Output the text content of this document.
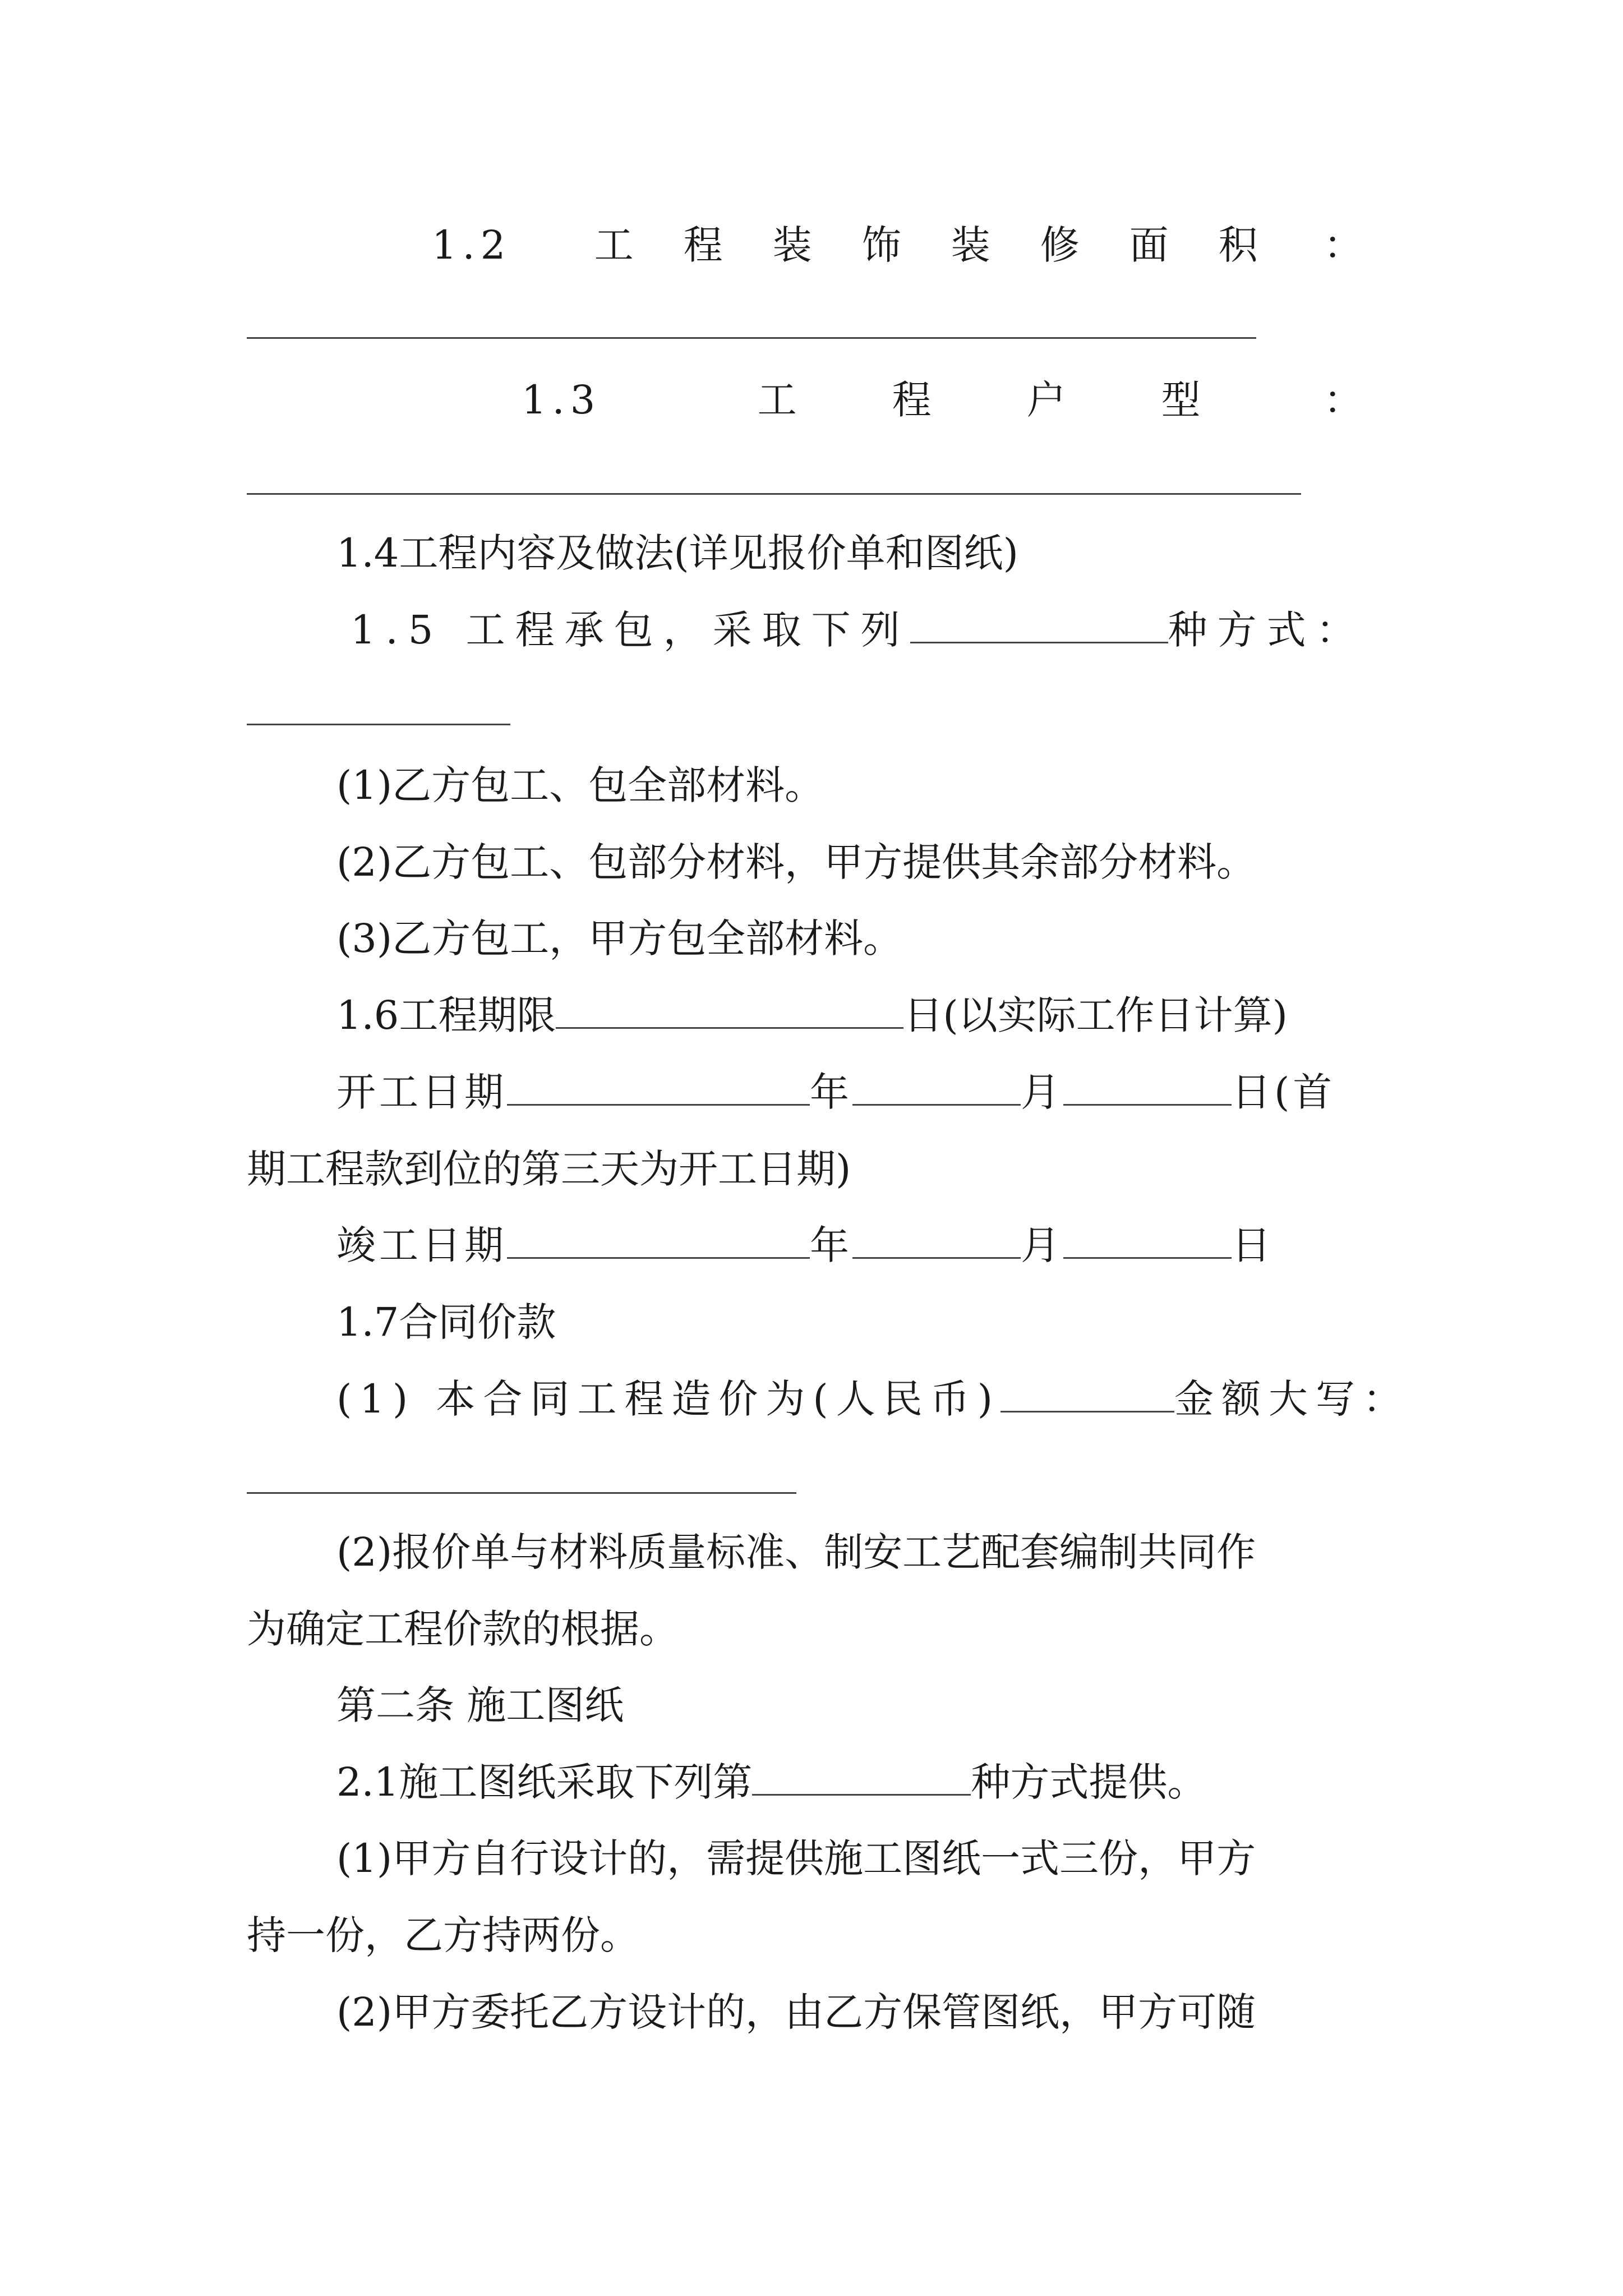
1.2 工程装饰装修面积 ：
1.3	工程户型 ：
1.4工程内容及做法(详见报价单和图纸)
1.5 工程承包，采取下列	种方式：
(1)乙方包工、包全部材料。
(2)乙方包工、包部分材料，甲方提供其余部分材料。
(3)乙方包工，甲方包全部材料。
1.6工程期限	日(以实际工作日计算)
开工日期	年	月	日(首
期工程款到位的第三天为开工日期)
竣工日期	年	月	日
1.7合同价款
(1) 本合同工程造价为(人民币)	金额大写：
(2)报价单与材料质量标准、制安工艺配套编制共同作
为确定工程价款的根据。
第二条 施工图纸
2.1施工图纸采取下列第	种方式提供。
(1)甲方自行设计的，需提供施工图纸一式三份，甲方
持一份，乙方持两份。
(2)甲方委托乙方设计的，由乙方保管图纸，甲方可随
